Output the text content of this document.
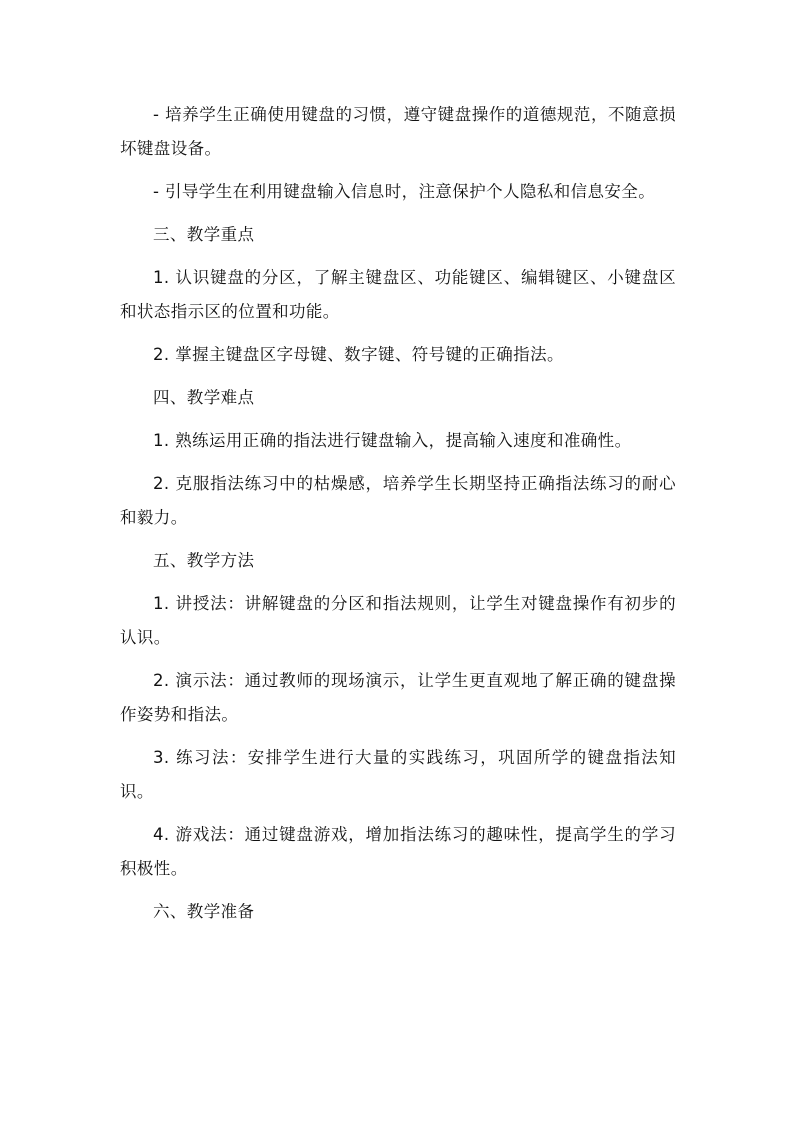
- 培养学生正确使用键盘的习惯，遵守键盘操作的道德规范，不随意损坏键盘设备。

- 引导学生在利用键盘输入信息时，注意保护个人隐私和信息安全。

三、教学重点

1. 认识键盘的分区，了解主键盘区、功能键区、编辑键区、小键盘区和状态指示区的位置和功能。

2. 掌握主键盘区字母键、数字键、符号键的正确指法。

四、教学难点

1. 熟练运用正确的指法进行键盘输入，提高输入速度和准确性。

2. 克服指法练习中的枯燥感，培养学生长期坚持正确指法练习的耐心和毅力。

五、教学方法

1. 讲授法：讲解键盘的分区和指法规则，让学生对键盘操作有初步的认识。

2. 演示法：通过教师的现场演示，让学生更直观地了解正确的键盘操作姿势和指法。

3. 练习法：安排学生进行大量的实践练习，巩固所学的键盘指法知识。

4. 游戏法：通过键盘游戏，增加指法练习的趣味性，提高学生的学习积极性。

六、教学准备
